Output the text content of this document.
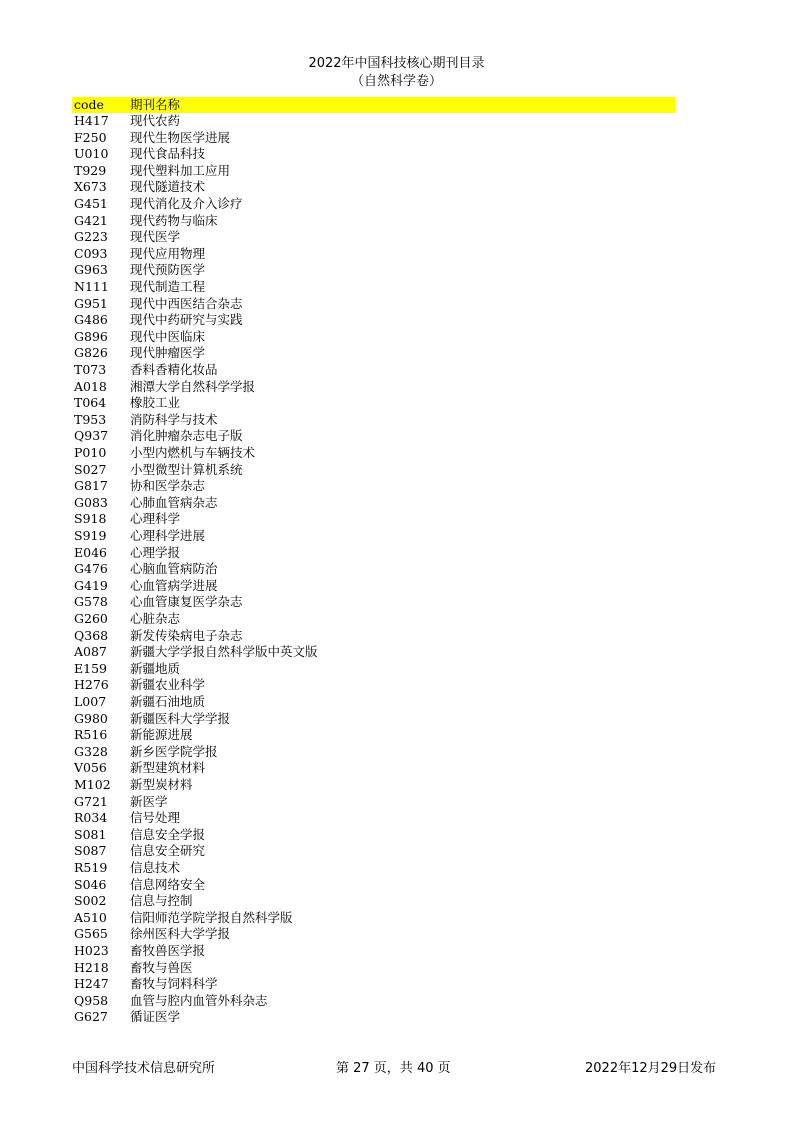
2022年中国科技核心期刊目录
（自然科学卷）
code	期刊名称
H417	现代农药
F250	现代生物医学进展
U010	现代食品科技
T929	现代塑料加工应用
X673	现代隧道技术
G451	现代消化及介入诊疗
G421	现代药物与临床
G223	现代医学
C093	现代应用物理
G963	现代预防医学
N111	现代制造工程
G951	现代中西医结合杂志
G486	现代中药研究与实践
G896	现代中医临床
G826	现代肿瘤医学
T073	香料香精化妆品
A018	湘潭大学自然科学学报
T064	橡胶工业
T953	消防科学与技术
Q937	消化肿瘤杂志电子版
P010	小型内燃机与车辆技术
S027	小型微型计算机系统
G817	协和医学杂志
G083	心肺血管病杂志
S918	心理科学
S919	心理科学进展
E046	心理学报
G476	心脑血管病防治
G419	心血管病学进展
G578	心血管康复医学杂志
G260	心脏杂志
Q368	新发传染病电子杂志
A087	新疆大学学报自然科学版中英文版
E159	新疆地质
H276	新疆农业科学
L007	新疆石油地质
G980	新疆医科大学学报
R516	新能源进展
G328	新乡医学院学报
V056	新型建筑材料
M102	新型炭材料
G721	新医学
R034	信号处理
S081	信息安全学报
S087	信息安全研究
R519	信息技术
S046	信息网络安全
S002	信息与控制
A510	信阳师范学院学报自然科学版
G565	徐州医科大学学报
H023	畜牧兽医学报
H218	畜牧与兽医
H247	畜牧与饲料科学
Q958	血管与腔内血管外科杂志
G627	循证医学
中国科学技术信息研究所	第 27 页，共 40 页	2022年12月29日发布
